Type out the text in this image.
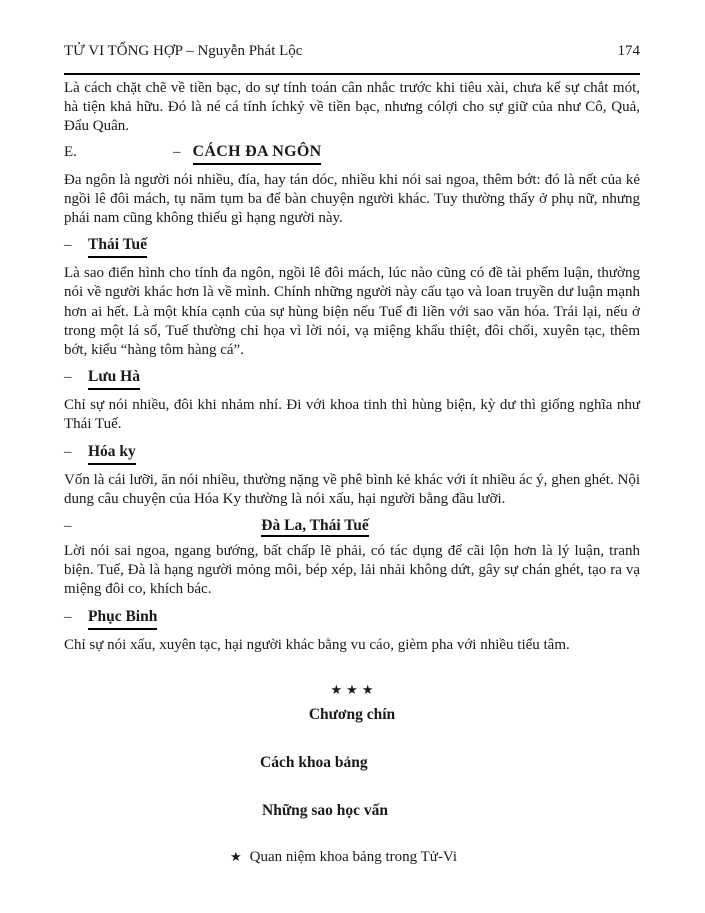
TỬ VI TỔNG HỢP – Nguyễn Phát Lộc	174

Là cách chặt chẽ về tiền bạc, do sự tính toán cân nhắc trước khi tiêu xài, chưa kể sự chắt mót, hà tiện khả hữu. Đó là né cá tính íchkỷ về tiền bạc, nhưng cólợi cho sự giữ của như Cô, Quả, Đẩu Quân.

E.	– CÁCH ĐA NGÔN

Đa ngôn là người nói nhiều, đía, hay tán dóc, nhiều khi nói sai ngoa, thêm bớt: đó là nết của kẻ ngồi lê đôi mách, tụ năm tụm ba để bàn chuyện người khác. Tuy thường thấy ở phụ nữ, nhưng phái nam cũng không thiếu gì hạng người này.

–	Thái Tuế

Là sao điển hình cho tính đa ngôn, ngồi lê đôi mách, lúc nào cũng có đề tài phếm luận, thường nói về người khác hơn là về mình. Chính những người này cấu tạo và loan truyền dư luận mạnh hơn ai hết. Là một khía cạnh của sự hùng biện nếu Tuế đi liền với sao văn hóa. Trái lại, nếu ở trong một lá số, Tuế thường chỉ họa vì lời nói, vạ miệng khẩu thiệt, đôi chối, xuyên tạc, thêm bớt, kiểu “hàng tôm hàng cá”.

–	Lưu Hà

Chỉ sự nói nhiều, đôi khi nhảm nhí. Đi với khoa tinh thì hùng biện, kỳ dư thì giống nghĩa như Thái Tuế.

–	Hóa ky

Vốn là cái lưỡi, ăn nói nhiều, thường nặng về phê bình kẻ khác với ít nhiều ác ý, ghen ghét. Nội dung câu chuyện của Hóa Ky thường là nói xấu, hại người bằng đầu lưỡi.

–	Đà La, Thái Tuế

Lời nói sai ngoa, ngang bướng, bất chấp lẽ phải, có tác dụng để cãi lộn hơn là lý luận, tranh biện. Tuế, Đà là hạng người mỏng môi, bép xép, lải nhải không dứt, gây sự chán ghét, tạo ra vạ miệng đôi co, khích bác.

–	Phục Binh

Chỉ sự nói xấu, xuyên tạc, hại người khác bằng vu cáo, gièm pha với nhiều tiểu tâm.

★★★
Chương chín
Cách khoa bảng
Những sao học vấn
★ Quan niệm khoa bảng trong Tử-Vi
